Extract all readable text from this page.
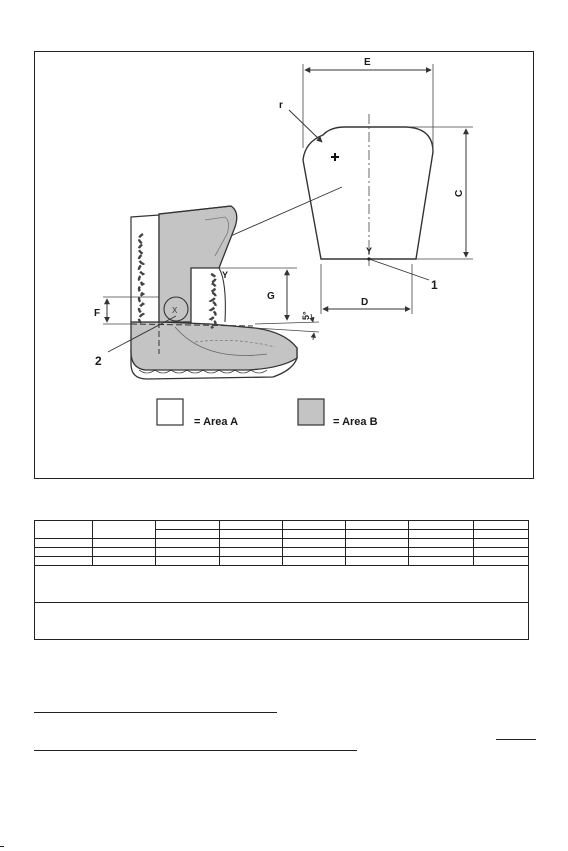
E
r
C
D
Y
1
G
Y
F	5°
X
2
= Area A	= Area B
